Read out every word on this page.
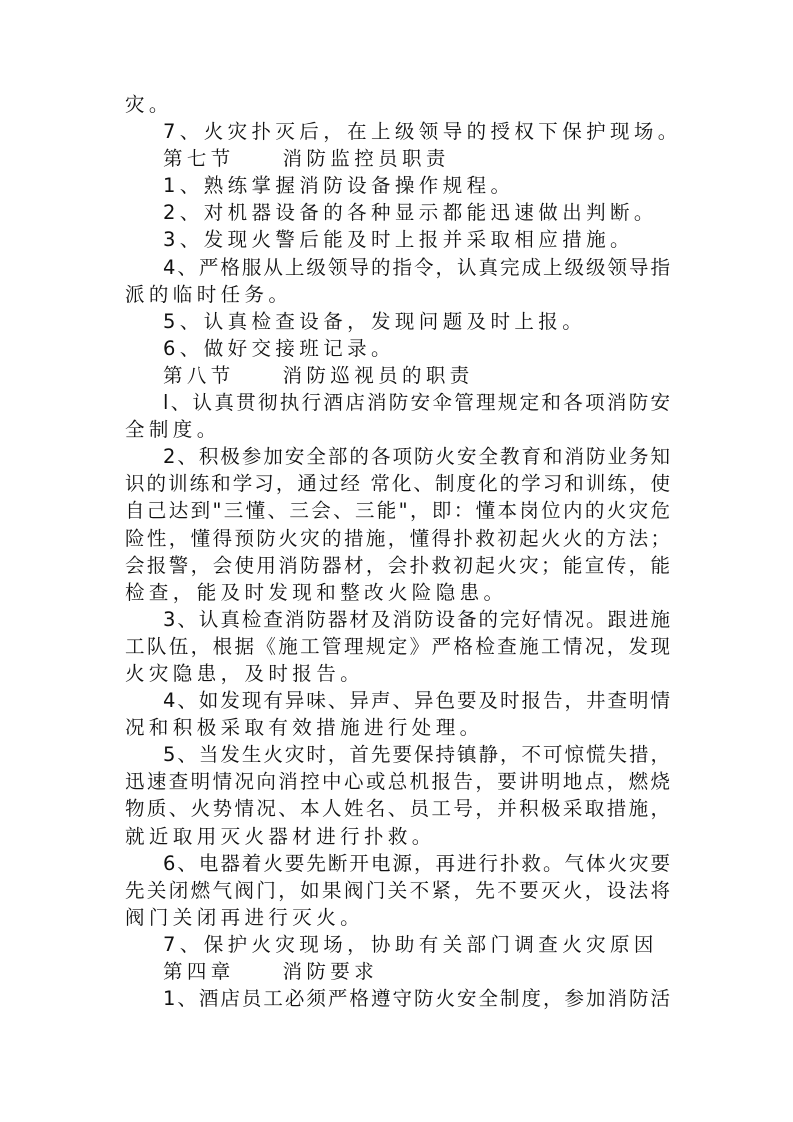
灾。
7、火灾扑灭后，在上级领导的授权下保护现场。
第七节　　消防监控员职责
1、熟练掌握消防设备操作规程。
2、对机器设备的各种显示都能迅速做出判断。
3、发现火警后能及时上报并采取相应措施。
4、严格服从上级领导的指令，认真完成上级级领导指
派的临时任务。
5、认真检查设备，发现问题及时上报。
6、做好交接班记录。
第八节　　消防巡视员的职责
l、认真贯彻执行酒店消防安伞管理规定和各项消防安
全制度。
2、积极参加安全部的各项防火安全教育和消防业务知
识的训练和学习，通过经 常化、制度化的学习和训练，使
自己达到"三懂、三会、三能"，即：懂本岗位内的火灾危
险性，懂得预防火灾的措施，懂得扑救初起火火的方法；
会报警，会使用消防器材，会扑救初起火灾；能宣传，能
检查，能及时发现和整改火险隐患。
3、认真检查消防器材及消防设备的完好情况。跟进施
工队伍，根据《施工管理规定》严格检查施工情况，发现
火灾隐患，及时报告。
4、如发现有异味、异声、异色要及时报告，井查明情
况和积极采取有效措施进行处理。
5、当发生火灾时，首先要保持镇静，不可惊慌失措，
迅速查明情况向消控中心或总机报告，要讲明地点，燃烧
物质、火势情况、本人姓名、员工号，并积极采取措施，
就近取用灭火器材进行扑救。
6、电器着火要先断开电源，再进行扑救。气体火灾要
先关闭燃气阀门，如果阀门关不紧，先不要灭火，设法将
阀门关闭再进行灭火。
7、保护火灾现场，协助有关部门调查火灾原因
第四章　　消防要求
1、酒店员工必须严格遵守防火安全制度，参加消防活
